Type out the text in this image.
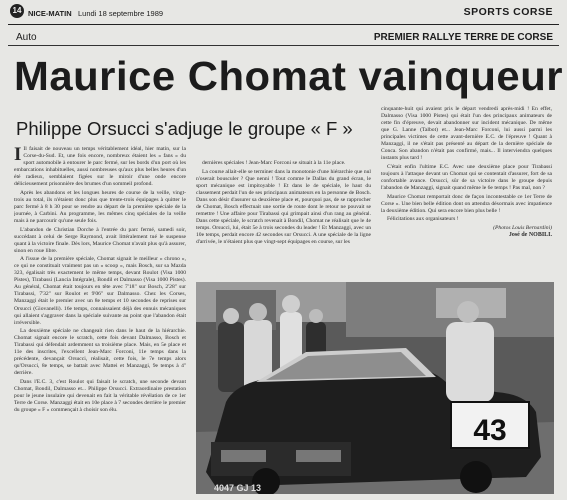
14 NICE-MATIN Lundi 18 septembre 1989	SPORTS CORSE
Auto	PREMIER RALLYE TERRE DE CORSE
Maurice Chomat vainqueur
Philippe Orsucci s'adjuge le groupe « F »

I Il faisait de nouveau un temps véritablement idéal, hier matin, sur la Corse-du-Sud. Et, une fois encore, nombreux étaient les « fans » du sport automobile à entourer le parc fermé, sur les bords d'un port où les embarcations inhabituelles, aussi nombreuses qu'aux plus belles heures d'un été radieux, semblaient figées sur le miroir d'une onde encore délicieusement prisonnière des brumes d'un sommeil profond.

Après les abandons et les longues heures de course de la veille, vingt-trois au total, ils n'étaient donc plus que trente-trois équipages à quitter le parc fermé à 8 h 30 pour se rendre au départ de la première spéciale de la journée, à Carbini. Au programme, les mêmes cinq spéciales de la veille mais à ne parcourir qu'une seule fois.

L'abandon de Christian Dorche à l'entrée du parc fermé, samedi soir, succédant à celui de Serge Raymond, avait littéralement tué le suspense quant à la victoire finale. Dès lors, Maurice Chomat n'avait plus qu'à assurer, sinon en roue libre.

A l'issue de la première spéciale, Chomat signait le meilleur « chrono », ce qui ne constituait vraiment pas un « scoop », mais Bosch, sur sa Mazda 323, égalisait très exactement le même temps, devant Roulot (Visa 1000 Pistes), Tirabassi (Lancia Intégrale), Bondil et Dalmasso (Visa 1000 Pistes). Au général, Chomat était toujours en tête avec 7'18" sur Bosch, 2'28" sur Tirabassi, 7'32" sur Roulot et 9'06" sur Dalmasso. Chez les Corses, Manzaggi était le premier avec un 8e temps et 10 secondes de reprises sur Orsucci (Giovanelli). 16e temps, connaissaient déjà des ennuis mécaniques qui allaient s'aggraver dans la spéciale suivante au point que l'abandon était irréversible.

La deuxième spéciale ne changeait rien dans le haut de la hiérarchie. Chomat signait encore le scratch, cette fois devant Dalmasso, Bosch et Tirabassi qui défendait ardemment sa troisième place. Mais, en 5e place et 11e des inscrites, l'excellent Jean-Marc Forconi, 11e temps dans la précédente, devançait Orsucci, réalisait, cette fois, le 7e temps alors qu'Orsucci, 8e temps, se battait avec Mattei et Manzaggi, 9e temps à 4'' derrière.

Dans l'E.C. 3, c'est Roulot qui faisait le scratch, une seconde devant Chomat, Bondil, Dalmasso et... Philippe Orsucci. Extraordinaire prestation pour le jeune insulaire qui devenait en fait la véritable révélation de ce 1er Terre de Corse. Manzaggi était en 10e place à 7 secondes derrière le premier du groupe « F » commençait à choisir son élu.

dernières spéciales ! Jean-Marc Forconi se situait à la 11e place.

La course allait-elle se terminer dans la monotonie d'une hiérarchie que nul n'oserait bousculer ? Que nenni ! Tout comme le Dallas du grand écran, le sport mécanique est impitoyable ! Et dans le 4e spéciale, le haut du classement perdait l'un de ses principaux animateurs en la personne de Bosch. Dans son désir d'assurer sa deuxième place et, pourquoi pas, de se rapprocher de Chomat, Bosch effectuait une sortie de route dont le retour ne pouvait se remettre ! Une affaire pour Tirabassi qui grimpait ainsi d'un rang au général. Dans cette spéciale, le scratch revenait à Bondil, Chomat ne réalisait que le 4e temps. Orsucci, lui, était 5e à trois secondes du leader ! Et Manzaggi, avec un 10e temps, perdait encore 42 secondes sur Orsucci. A une spéciale de la ligne d'arrivée, le n'étaient plus que vingt-sept équipages en course, sur les

cinquante-huit qui avaient pris le départ vendredi après-midi ! En effet, Dalmasso (Visa 1000 Pistes) qui était l'un des principaux animateurs de cette fin d'épreuve, devait abandonner sur incident mécanique. De même que G. Lanne (Talbot) et... Jean-Marc Forconi, lui aussi parmi les principales victimes de cette avant-dernière E.C. de l'épreuve ! Quant à Manzaggi, il ne s'était pas présenté au départ de la dernière spéciale de Conca. Son abandon n'était pas confirmé, mais... Il interviendra quelques instants plus tard !

C'était enfin l'ultime E.C. Avec une deuxième place pour Tirabassi toujours à l'attaque devant un Chomat qui se contentait d'assurer, fort de sa confortable avance. Orsucci, sûr de sa victoire dans le groupe depuis l'abandon de Manzaggi, signait quand même le 6e temps ! Pas mal, non ?

Maurice Chomat remportait donc de façon incontestable ce 1er Terre de Corse ». Une bien belle édition dont on attendra désormais avec impatience la deuxième édition. Qui sera encore bien plus belle !

Félicitations aux organisateurs !

(Photos Louis Bernardini)
José de NOBILI.
43
4047 GJ 13
